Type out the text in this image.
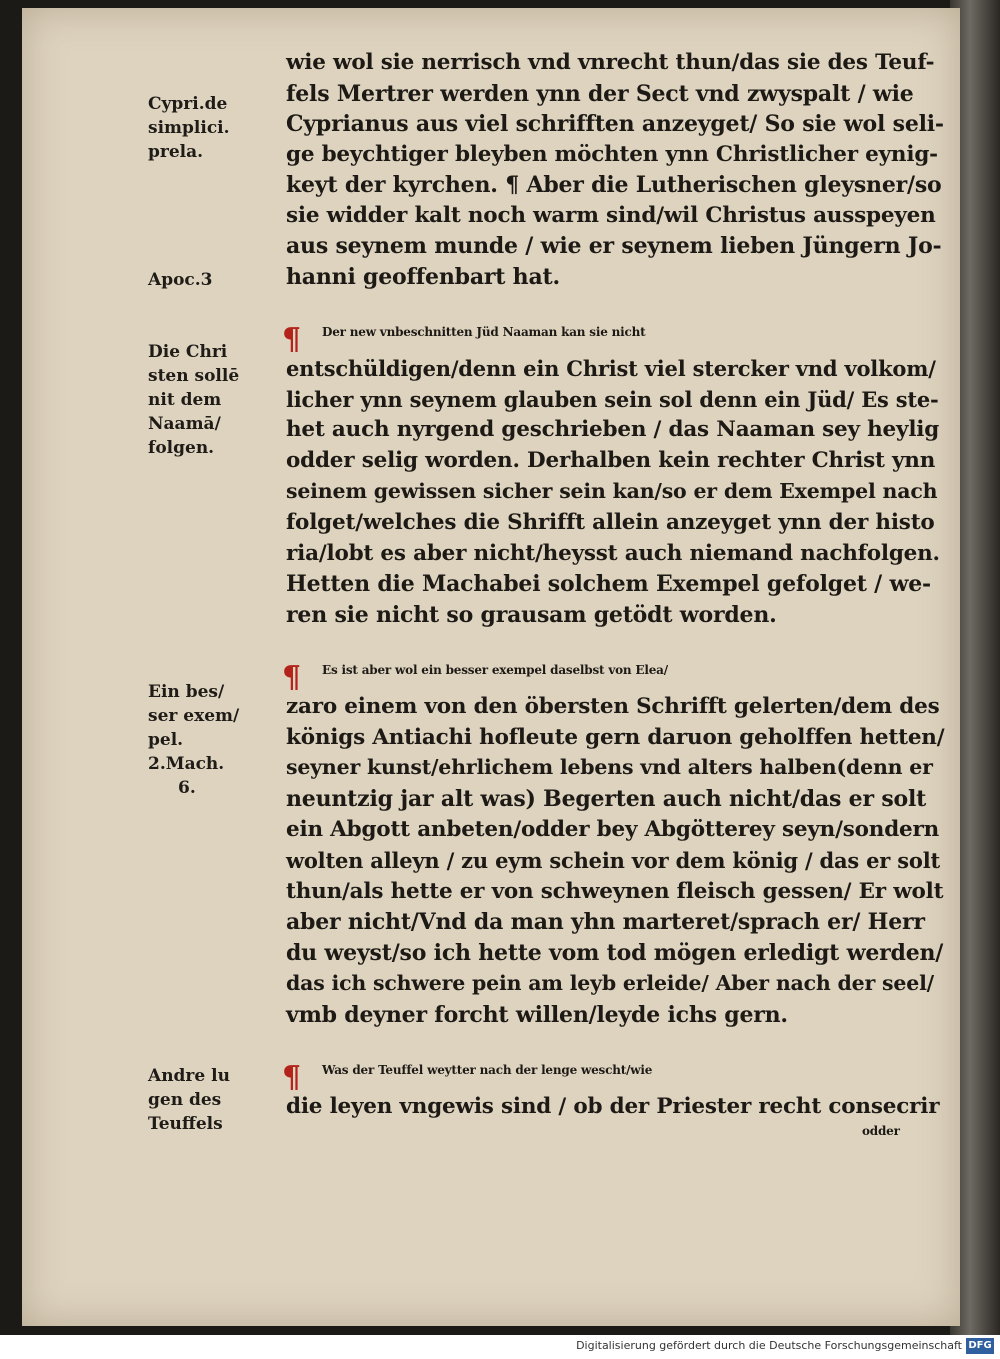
Cypri.de
simplici.
prela.
Apoc.3
Die Chri
sten sollē
nit dem
Naamā/
folgen.
Ein bes/
ser exem/
pel.
2.Mach.
6.
Andre lu
gen des
Teuffels
¶
¶
¶
wie wol sie nerrisch vnd vnrecht thun/das sie des Teuf-
fels Mertrer werden ynn der Sect vnd zwyspalt / wie
Cyprianus aus viel schrifften anzeyget/ So sie wol seli-
ge beychtiger bleyben möchten ynn Christlicher eynig-
keyt der kyrchen. ¶ Aber die Lutherischen gleysner/so
sie widder kalt noch warm sind/wil Christus ausspeyen
aus seynem munde / wie er seynem lieben Jüngern Jo-
hanni geoffenbart hat.
Der new vnbeschnitten Jüd Naaman kan sie nicht
entschüldigen/denn ein Christ viel stercker vnd volkom/
licher ynn seynem glauben sein sol denn ein Jüd/ Es ste-
het auch nyrgend geschrieben / das Naaman sey heylig
odder selig worden. Derhalben kein rechter Christ ynn
seinem gewissen sicher sein kan/so er dem Exempel nach
folget/welches die Shrifft allein anzeyget ynn der histo
ria/lobt es aber nicht/heysst auch niemand nachfolgen.
Hetten die Machabei solchem Exempel gefolget / we-
ren sie nicht so grausam getödt worden.
Es ist aber wol ein besser exempel daselbst von Elea/
zaro einem von den öbersten Schrifft gelerten/dem des
königs Antiachi hofleute gern daruon geholffen hetten/
seyner kunst/ehrlichem lebens vnd alters halben(denn er
neuntzig jar alt was) Begerten auch nicht/das er solt
ein Abgott anbeten/odder bey Abgötterey seyn/sondern
wolten alleyn / zu eym schein vor dem könig / das er solt
thun/als hette er von schweynen fleisch gessen/ Er wolt
aber nicht/Vnd da man yhn marteret/sprach er/ Herr
du weyst/so ich hette vom tod mögen erledigt werden/
das ich schwere pein am leyb erleide/ Aber nach der seel/
vmb deyner forcht willen/leyde ichs gern.
Was der Teuffel weytter nach der lenge wescht/wie
die leyen vngewis sind / ob der Priester recht consecrir
odder
Digitalisierung gefördert durch die Deutsche Forschungsgemeinschaft DFG
